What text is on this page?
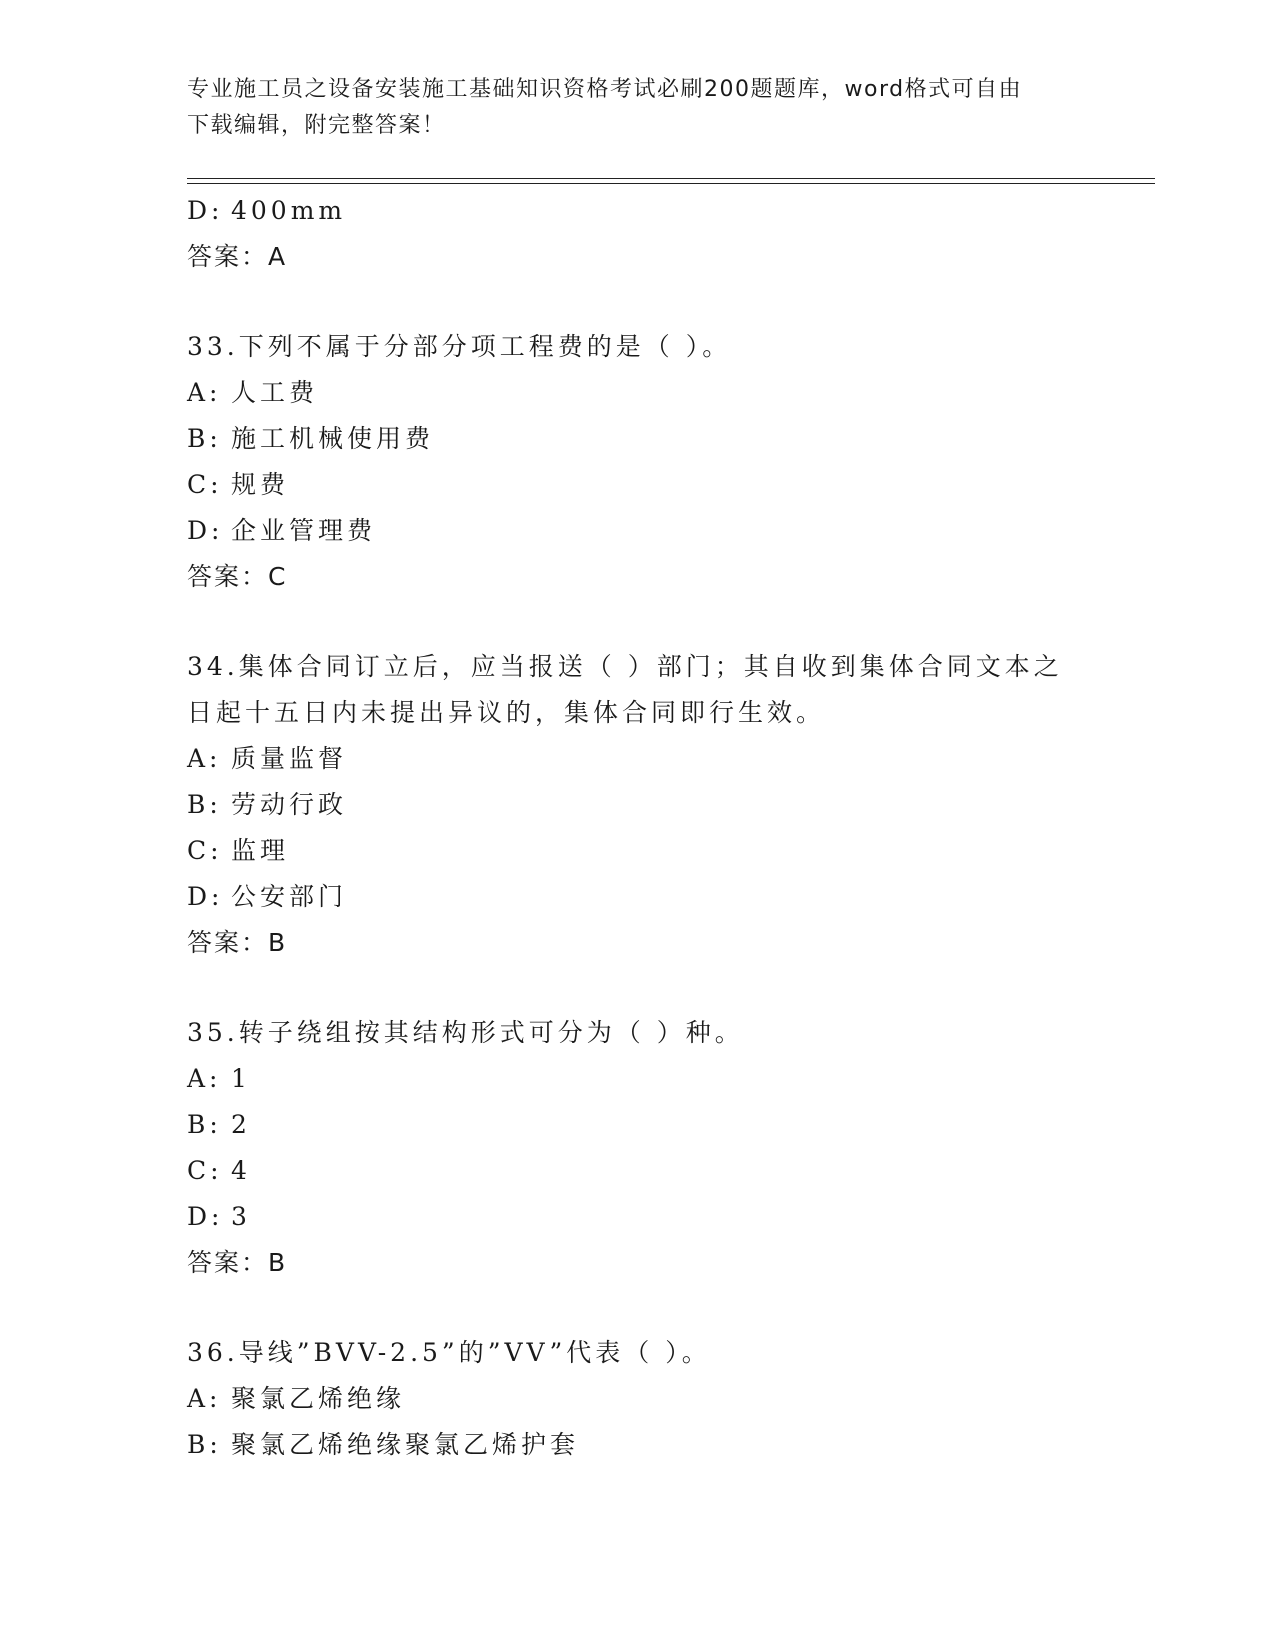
专业施工员之设备安装施工基础知识资格考试必刷200题题库，word格式可自由
下载编辑，附完整答案！
D: 400mm
答案：A
33.下列不属于分部分项工程费的是（ ）。
A: 人工费
B: 施工机械使用费
C: 规费
D: 企业管理费
答案：C
34.集体合同订立后，应当报送（ ）部门；其自收到集体合同文本之
日起十五日内未提出异议的，集体合同即行生效。
A: 质量监督
B: 劳动行政
C: 监理
D: 公安部门
答案：B
35.转子绕组按其结构形式可分为（ ）种。
A: 1
B: 2
C: 4
D: 3
答案：B
36.导线”BVV-2.5”的”VV”代表（ ）。
A: 聚氯乙烯绝缘
B: 聚氯乙烯绝缘聚氯乙烯护套
